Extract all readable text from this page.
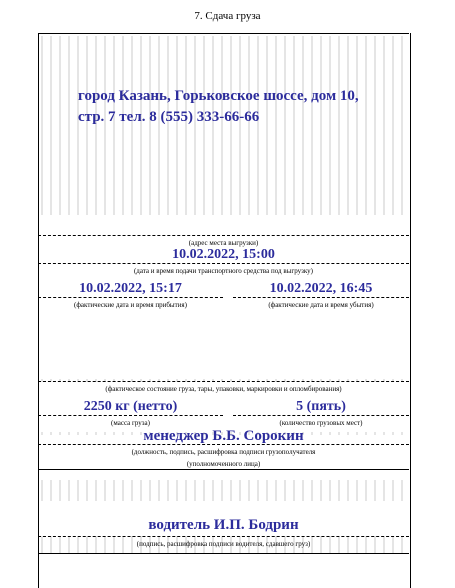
7. Сдача груза
город Казань, Горьковское шоссе, дом 10,
стр. 7 тел. 8 (555) 333-66-66
(адрес места выгрузки)
10.02.2022, 15:00
(дата и время подачи транспортного средства под выгрузку)
10.02.2022, 15:17
(фактические дата и время прибытия)
10.02.2022, 16:45
(фактические дата и время убытия)
(фактическое состояние груза, тары, упаковки, маркировки и опломбирования)
2250 кг (нетто)
(масса груза)
5 (пять)
(количество грузовых мест)
менеджер Б.Б. Сорокин
(должность, подпись, расшифровка подписи грузополучателя
(уполномоченного лица)
водитель И.П. Бодрин
(подпись, расшифровка подписи водителя, сдавшего груз)
